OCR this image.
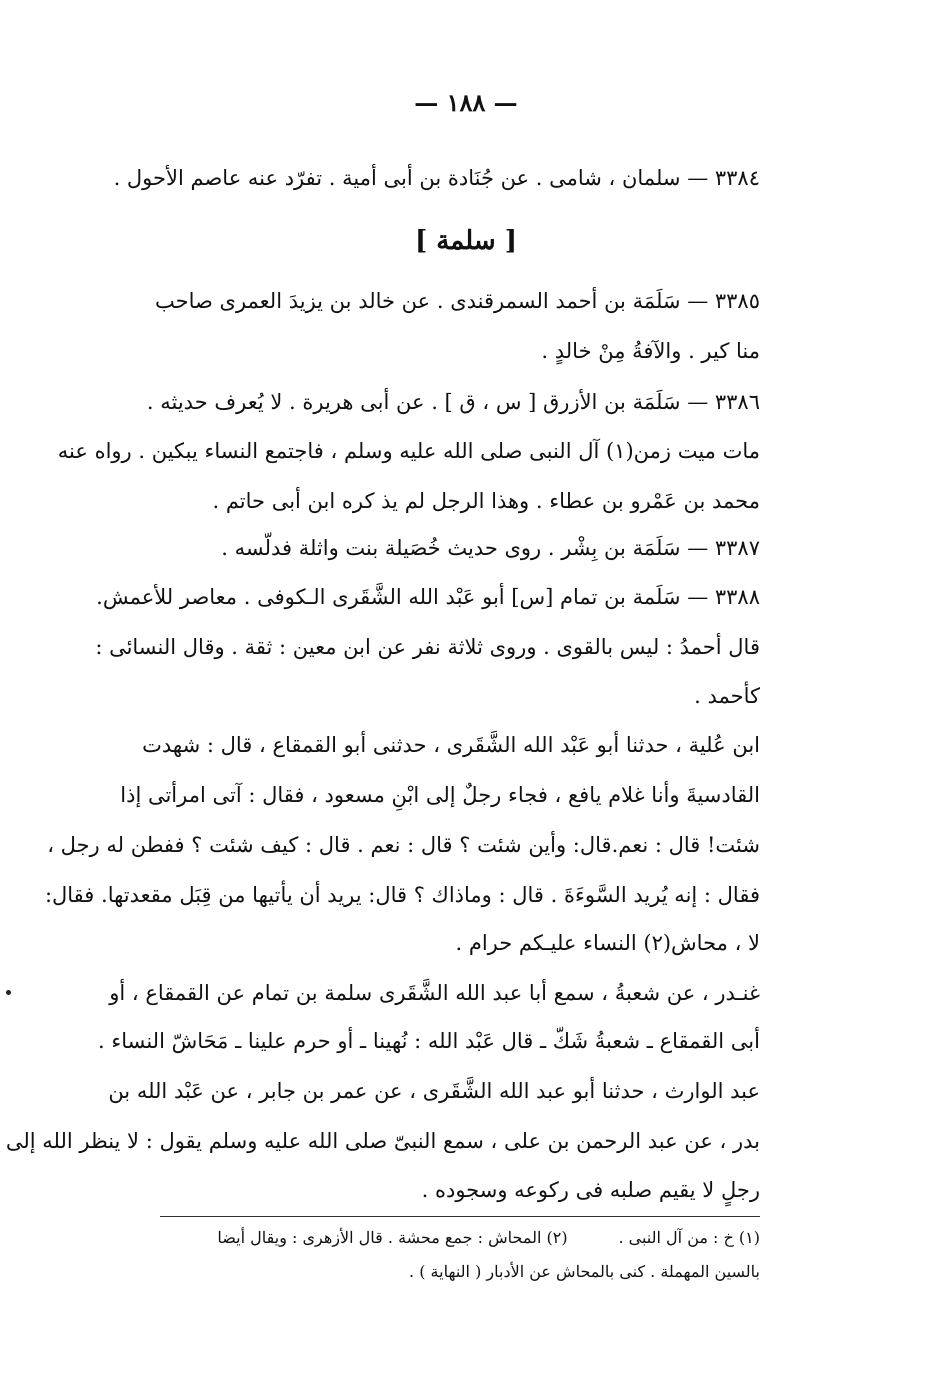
— ١٨٨ —
٣٣٨٤ — سلمان ، شامى . عن جُنَادة بن أبى أمية . تفرّد عنه عاصم الأحول .
[ سلمة ]
٣٣٨٥ — سَلَمَة بن أحمد السمرقندى . عن خالد بن يزيدَ العمرى صاحب
منا كير . والآفةُ مِنْ خالدٍ .
٣٣٨٦ — سَلَمَة بن الأزرق [ س ، ق ] . عن أبى هريرة . لا يُعرف حديثه .
مات ميت زمن(١) آل النبى صلى الله عليه وسلم ، فاجتمع النساء يبكين . رواه عنه
محمد بن عَمْرو بن عطاء . وهذا الرجل لم يذ كره ابن أبى حاتم .
٣٣٨٧ — سَلَمَة بن بِشْر . روى حديث خُصَيلة بنت واثلة فدلّسه .
٣٣٨٨ — سَلَمة بن تمام [س] أبو عَبْد الله الشَّقَرى الـكوفى . معاصر للأعمش.
قال أحمدُ : ليس بالقوى . وروى ثلاثة نفر عن ابن معين : ثقة . وقال النسائى :
كأحمد .
ابن عُلية ، حدثنا أبو عَبْد الله الشَّقَرى ، حدثنى أبو القمقاع ، قال : شهدت
القادسيةَ وأنا غلام يافع ، فجاء رجلٌ إلى ابْنِ مسعود ، فقال : آتى امرأتى إذا
شئت! قال : نعم.قال: وأين شئت ؟ قال : نعم . قال : كيف شئت ؟ ففطن له رجل ،
فقال : إنه يُريد السَّوءَةَ . قال : وماذاك ؟ قال: يريد أن يأتيها من قِبَل مقعدتها. فقال:
لا ، محاش(٢) النساء عليـكم حرام .
غنـدر ، عن شعبةُ ، سمع أبا عبد الله الشَّقَرى سلمة بن تمام عن القمقاع ، أو
أبى القمقاع ـ شعبةُ شَكّ ـ قال عَبْد الله : نُهينا ـ أو حرم علينا ـ مَحَاشّ النساء .
عبد الوارث ، حدثنا أبو عبد الله الشَّقَرى ، عن عمر بن جابر ، عن عَبْد الله بن
بدر ، عن عبد الرحمن بن على ، سمع النبىّ صلى الله عليه وسلم يقول : لا ينظر الله إلى
رجلٍ لا يقيم صلبه فى ركوعه وسجوده .
(١) خ : من آل النبى .          (٢) المحاش : جمع محشة . قال الأزهرى : ويقال أيضا
بالسين المهملة . كنى بالمحاش عن الأدبار ( النهاية ) .
